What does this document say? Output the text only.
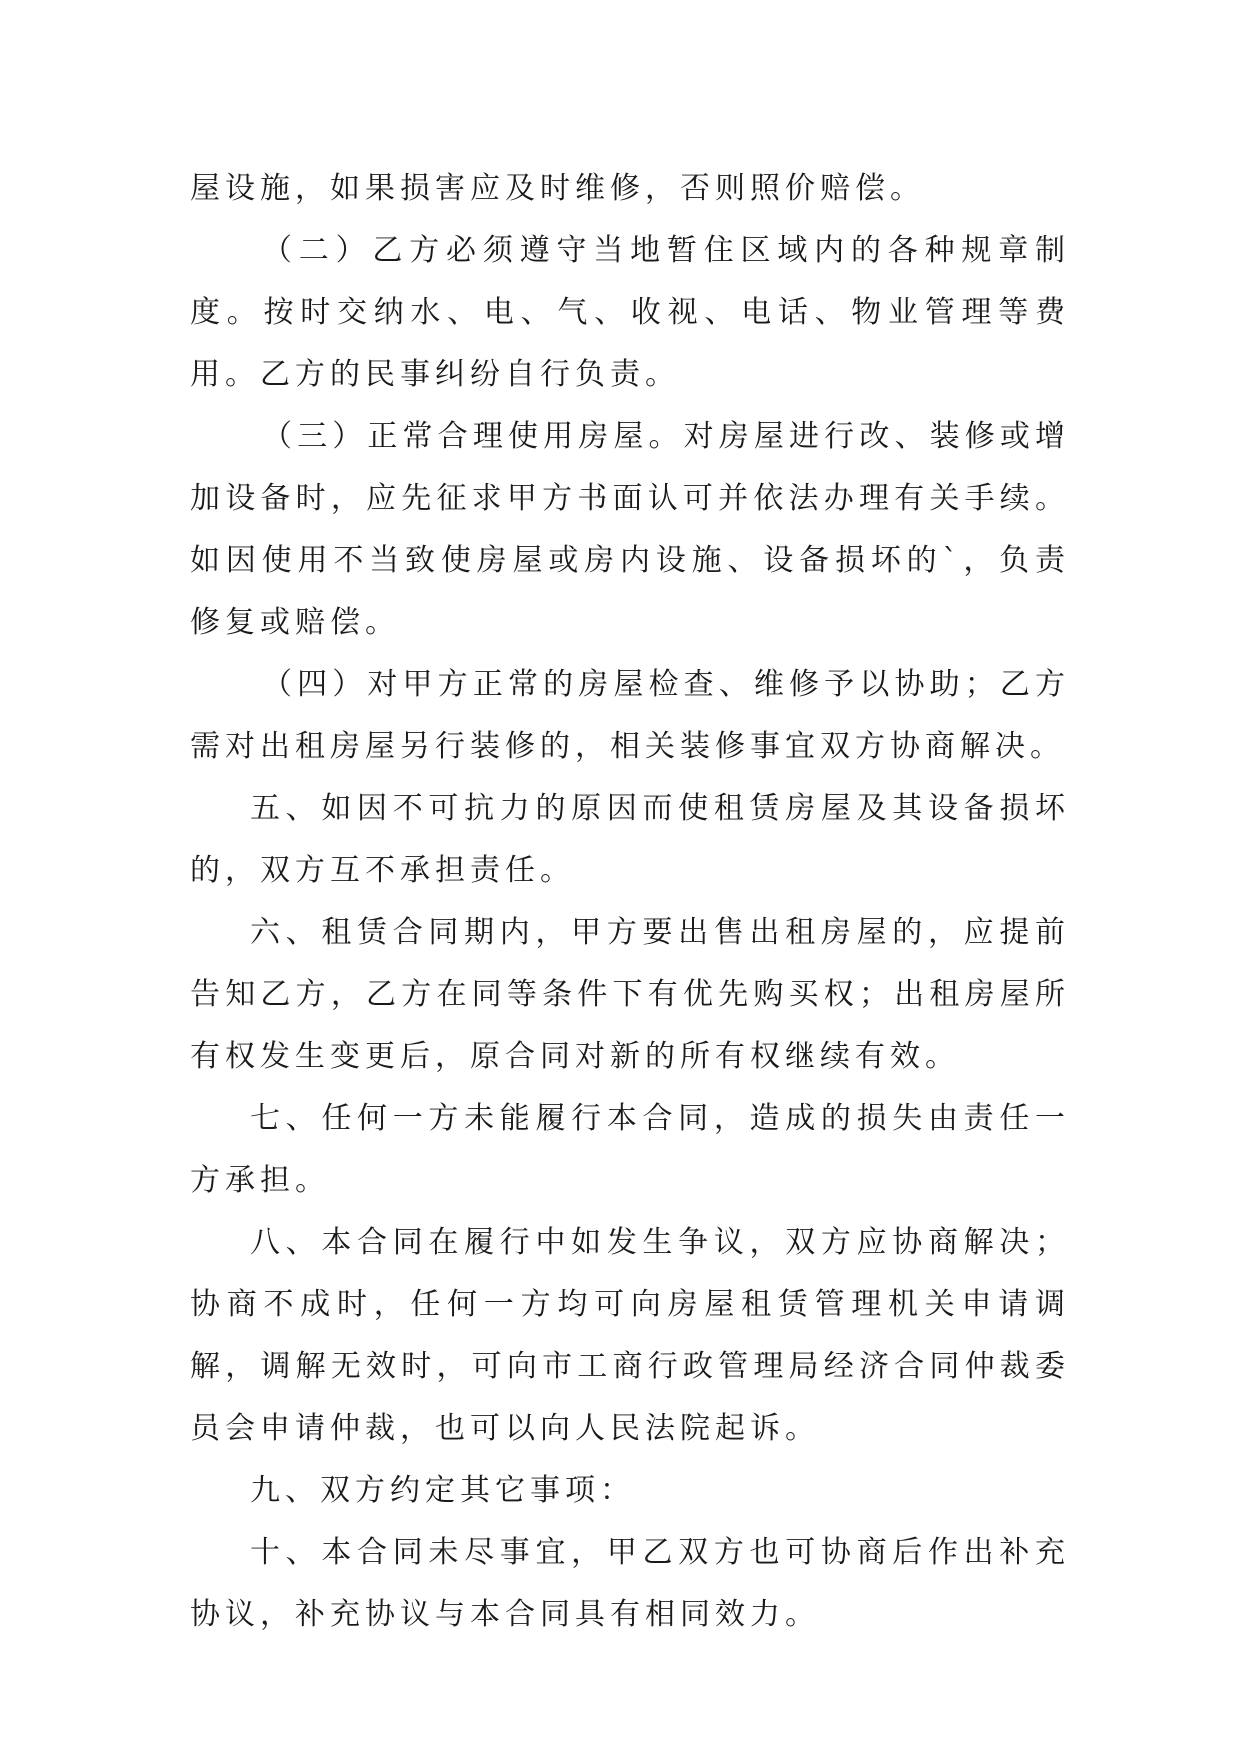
屋设施，如果损害应及时维修，否则照价赔偿。

（二）乙方必须遵守当地暂住区域内的各种规章制度。按时交纳水、电、气、收视、电话、物业管理等费用。乙方的民事纠纷自行负责。

（三）正常合理使用房屋。对房屋进行改、装修或增加设备时，应先征求甲方书面认可并依法办理有关手续。如因使用不当致使房屋或房内设施、设备损坏的`，负责修复或赔偿。

（四）对甲方正常的房屋检查、维修予以协助；乙方需对出租房屋另行装修的，相关装修事宜双方协商解决。

五、如因不可抗力的原因而使租赁房屋及其设备损坏的，双方互不承担责任。

六、租赁合同期内，甲方要出售出租房屋的，应提前告知乙方，乙方在同等条件下有优先购买权；出租房屋所有权发生变更后，原合同对新的所有权继续有效。

七、任何一方未能履行本合同，造成的损失由责任一方承担。

八、本合同在履行中如发生争议，双方应协商解决；协商不成时，任何一方均可向房屋租赁管理机关申请调解，调解无效时，可向市工商行政管理局经济合同仲裁委员会申请仲裁，也可以向人民法院起诉。

九、双方约定其它事项：

十、本合同未尽事宜，甲乙双方也可协商后作出补充协议，补充协议与本合同具有相同效力。
